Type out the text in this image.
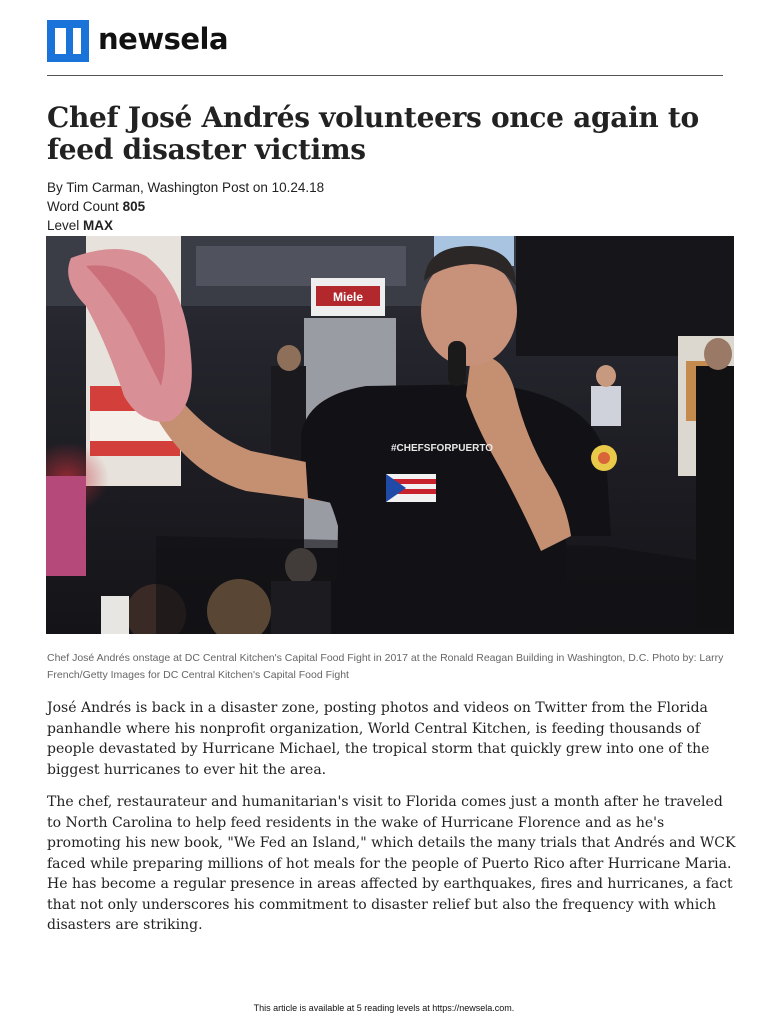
newsela
Chef José Andrés volunteers once again to feed disaster victims
By Tim Carman, Washington Post on 10.24.18
Word Count 805
Level MAX
Miele
#CHEFSFORPUERTO
Chef José Andrés onstage at DC Central Kitchen's Capital Food Fight in 2017 at the Ronald Reagan Building in Washington, D.C. Photo by: Larry French/Getty Images for DC Central Kitchen's Capital Food Fight

José Andrés is back in a disaster zone, posting photos and videos on Twitter from the Florida panhandle where his nonprofit organization, World Central Kitchen, is feeding thousands of people devastated by Hurricane Michael, the tropical storm that quickly grew into one of the biggest hurricanes to ever hit the area.

The chef, restaurateur and humanitarian's visit to Florida comes just a month after he traveled to North Carolina to help feed residents in the wake of Hurricane Florence and as he's promoting his new book, "We Fed an Island," which details the many trials that Andrés and WCK faced while preparing millions of hot meals for the people of Puerto Rico after Hurricane Maria. He has become a regular presence in areas affected by earthquakes, fires and hurricanes, a fact that not only underscores his commitment to disaster relief but also the frequency with which disasters are striking.

This article is available at 5 reading levels at https://newsela.com.
